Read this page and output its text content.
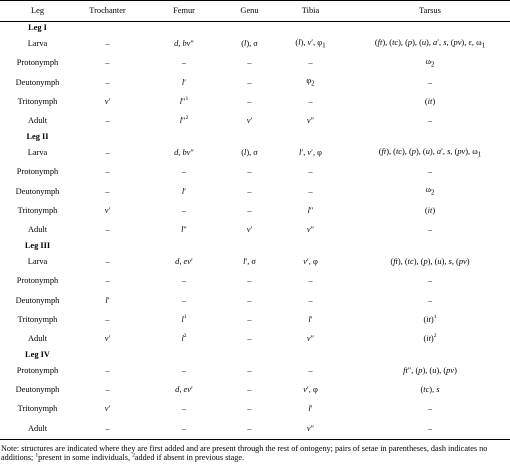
Leg	Trochanter	Femur	Genu	Tibia	Tarsus
Leg I					
Larva	–	d, bv″	(l), σ	(l), v′, $\varphi_1$	(ft), (tc), (p), (u), a′, s, (pv), ε, $\omega_1$
Protonymph	–	–	–	–	$\omega_2$
Deutonymph	–	l′	–	$\varphi_2$	–
Tritonymph	v′	l″$^1$	–	–	(it)
Adult	–	l″$^2$	v′	v″	–
Leg II					
Larva	–	d, bv″	(l), σ	l′, v′, φ	(ft), (tc), (p), (u), a′, s, (pv), $\omega_1$
Protonymph	–	–	–	–	–
Deutonymph	–	l′	–	–	$\omega_2$
Tritonymph	v′	–	–	l″	(it)
Adult	–	l″	v′	v″	–
Leg III					
Larva	–	d, ev′	l′, σ	v′, φ	(ft), (tc), (p), (u), s, (pv)
Protonymph	–	–	–	–	–
Deutonymph	l′	–	–	–	–
Tritonymph	–	$l^1$	–	l′	(it)$^1$
Adult	v′	$l^2$	–	v″	(it)$^2$
Leg IV					
Protonymph	–	–	–	–	ft″, (p), (u), (pv)
Deutonymph	–	d, ev′	–	v′, φ	(tc), s
Tritonymph	v′	–	–	l′	–
Adult	–	–	–	v″	–
Note: structures are indicated where they are first added and are present through the rest of ontogeny; pairs of setae in parentheses, dash indicates no additions; $^1$present in some individuals, $^2$added if absent in previous stage.
